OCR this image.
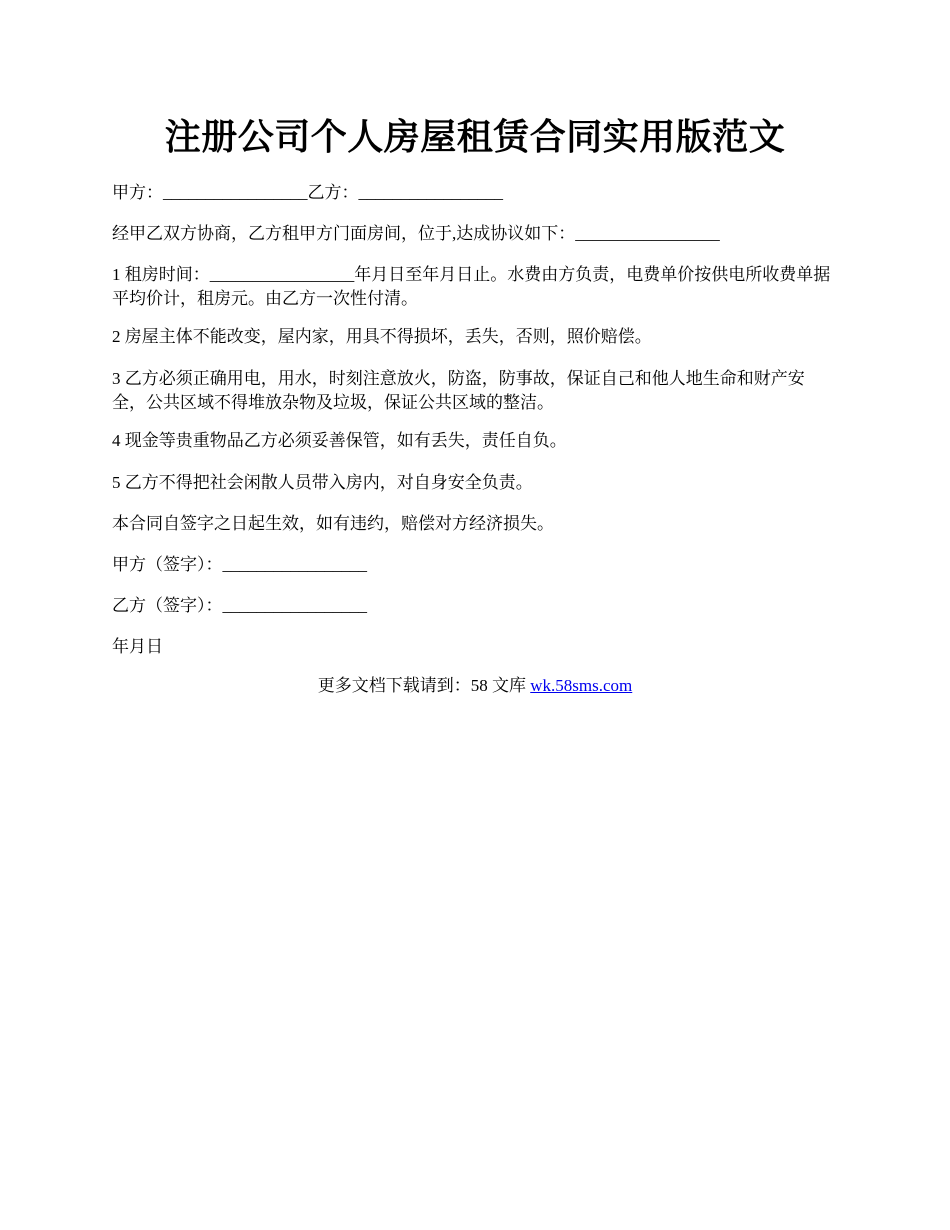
注册公司个人房屋租赁合同实用版范文

甲方：_________________乙方：_________________

经甲乙双方协商，乙方租甲方门面房间，位于,达成协议如下：_________________

1 租房时间：_________________年月日至年月日止。水费由方负责，电费单价按供电所收费单据平均价计，租房元。由乙方一次性付清。

2 房屋主体不能改变，屋内家，用具不得损坏，丢失，否则，照价赔偿。

3 乙方必须正确用电，用水，时刻注意放火，防盗，防事故，保证自己和他人地生命和财产安全，公共区域不得堆放杂物及垃圾，保证公共区域的整洁。

4 现金等贵重物品乙方必须妥善保管，如有丢失，责任自负。

5 乙方不得把社会闲散人员带入房内，对自身安全负责。

本合同自签字之日起生效，如有违约，赔偿对方经济损失。

甲方（签字）：_________________

乙方（签字）：_________________

年月日

更多文档下载请到：58 文库 wk.58sms.com
